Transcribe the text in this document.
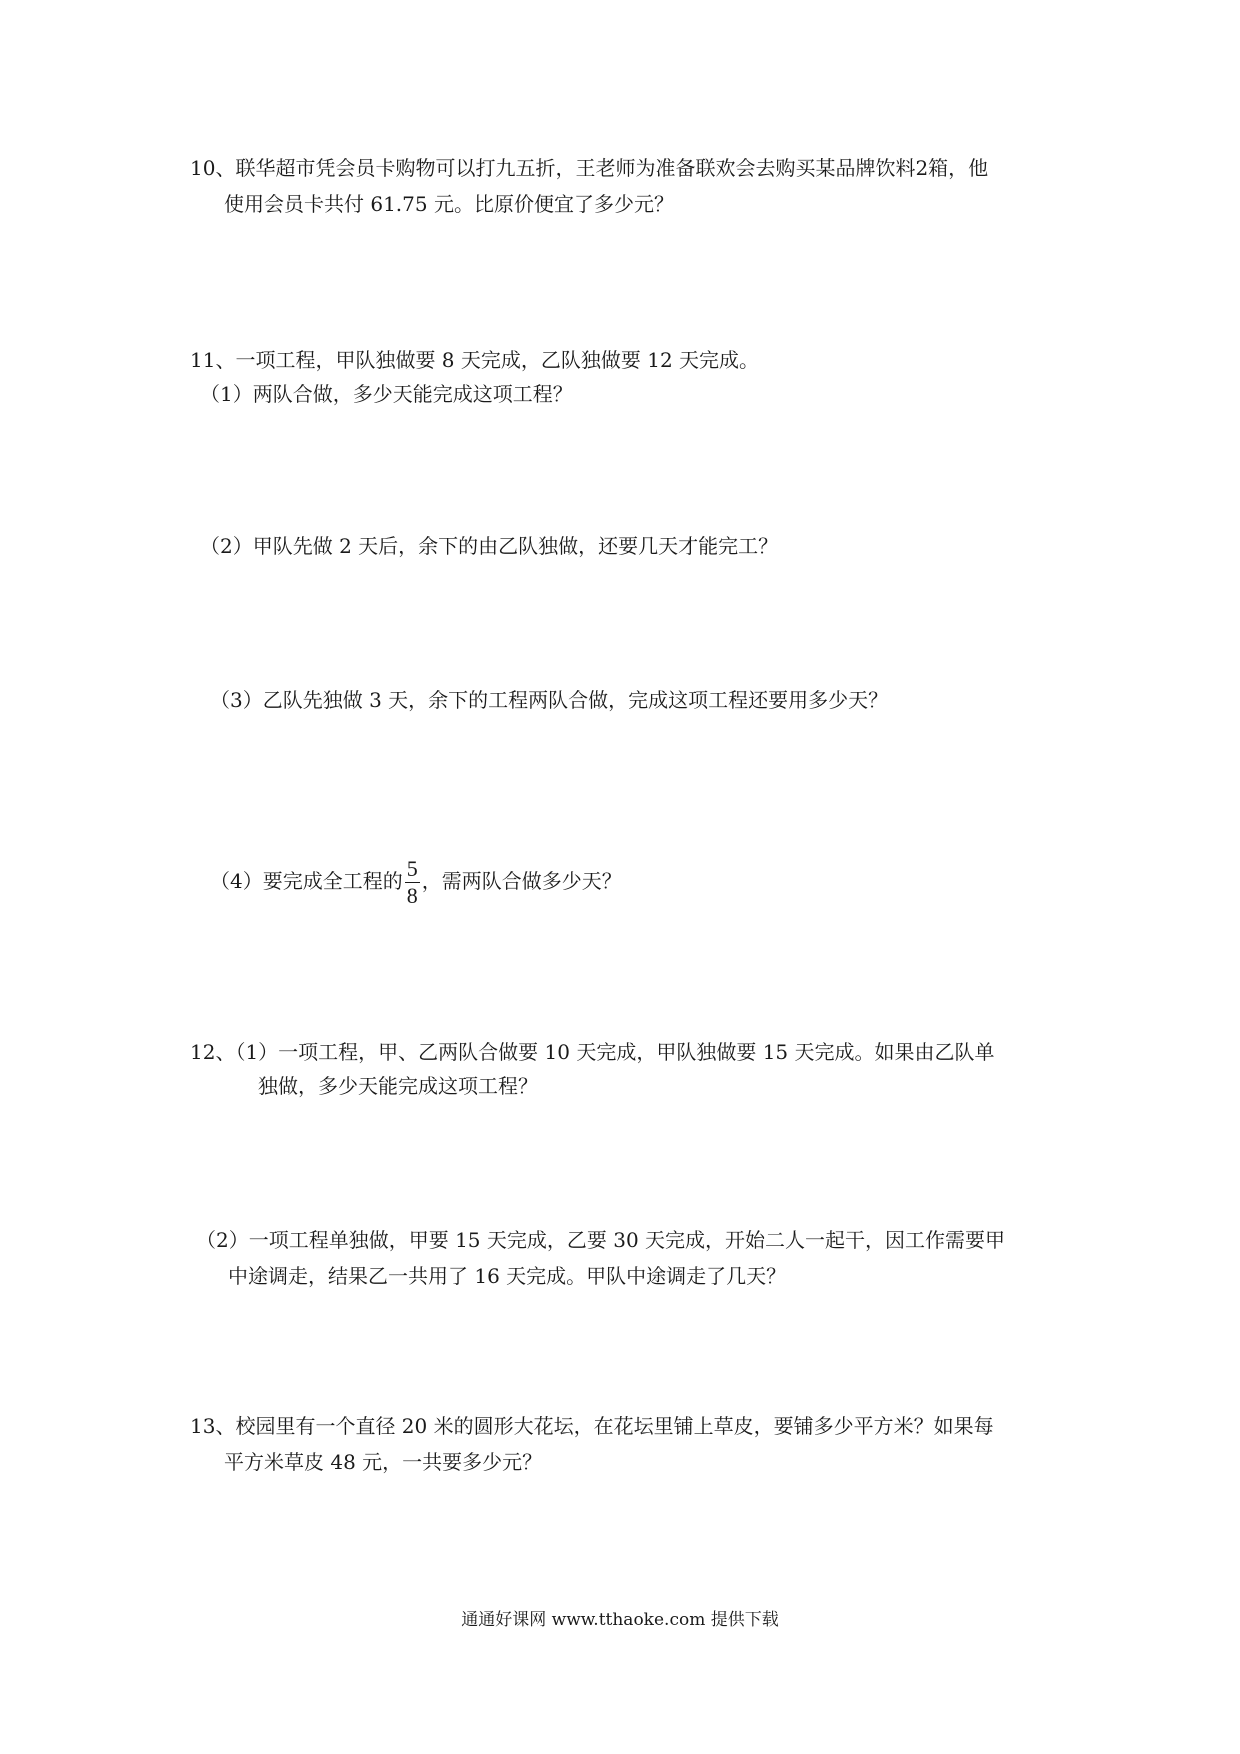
10、联华超市凭会员卡购物可以打九五折，王老师为准备联欢会去购买某品牌饮料2箱，他
使用会员卡共付 61.75 元。比原价便宜了多少元？
11、一项工程，甲队独做要 8 天完成，乙队独做要 12 天完成。
（1）两队合做，多少天能完成这项工程？
（2）甲队先做 2 天后，余下的由乙队独做，还要几天才能完工？
（3）乙队先独做 3 天，余下的工程两队合做，完成这项工程还要用多少天？
（4）要完成全工程的 $\frac{5}{8}$ ，需两队合做多少天？
12、（1）一项工程，甲、乙两队合做要 10 天完成，甲队独做要 15 天完成。如果由乙队单
独做，多少天能完成这项工程？
（2）一项工程单独做，甲要 15 天完成，乙要 30 天完成，开始二人一起干，因工作需要甲
中途调走，结果乙一共用了 16 天完成。甲队中途调走了几天？
13、校园里有一个直径 20 米的圆形大花坛，在花坛里铺上草皮，要铺多少平方米？如果每
平方米草皮 48 元，一共要多少元？
通通好课网 www.tthaoke.com 提供下载
